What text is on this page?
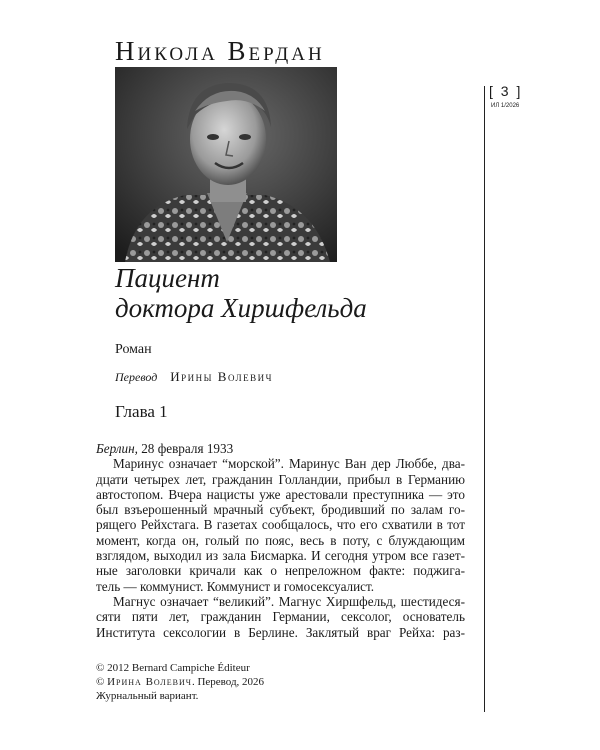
Никола Вердан
Пациент
доктора Хиршфельда
Роман
Перевод Ирины Волевич
Глава 1
Берлин, 28 февраля 1933
Маринус означает “морской”. Маринус Ван дер Люббе, два-
дцати четырех лет, гражданин Голландии, прибыл в Германию
автостопом. Вчера нацисты уже арестовали преступника — это
был взъерошенный мрачный субъект, бродивший по залам го-
рящего Рейхстага. В газетах сообщалось, что его схватили в тот
момент, когда он, голый по пояс, весь в поту, с блуждающим
взглядом, выходил из зала Бисмарка. И сегодня утром все газет-
ные заголовки кричали как о непреложном факте: поджига-
тель — коммунист. Коммунист и гомосексуалист.
Магнус означает “великий”. Магнус Хиршфельд, шестидеся-
сяти пяти лет, гражданин Германии, сексолог, основатель
Института сексологии в Берлине. Заклятый враг Рейха: раз-
© 2012 Bernard Campiche Éditeur
© Ирина Волевич. Перевод, 2026
Журнальный вариант.
[ 3 ]
ИЛ 1/2026
